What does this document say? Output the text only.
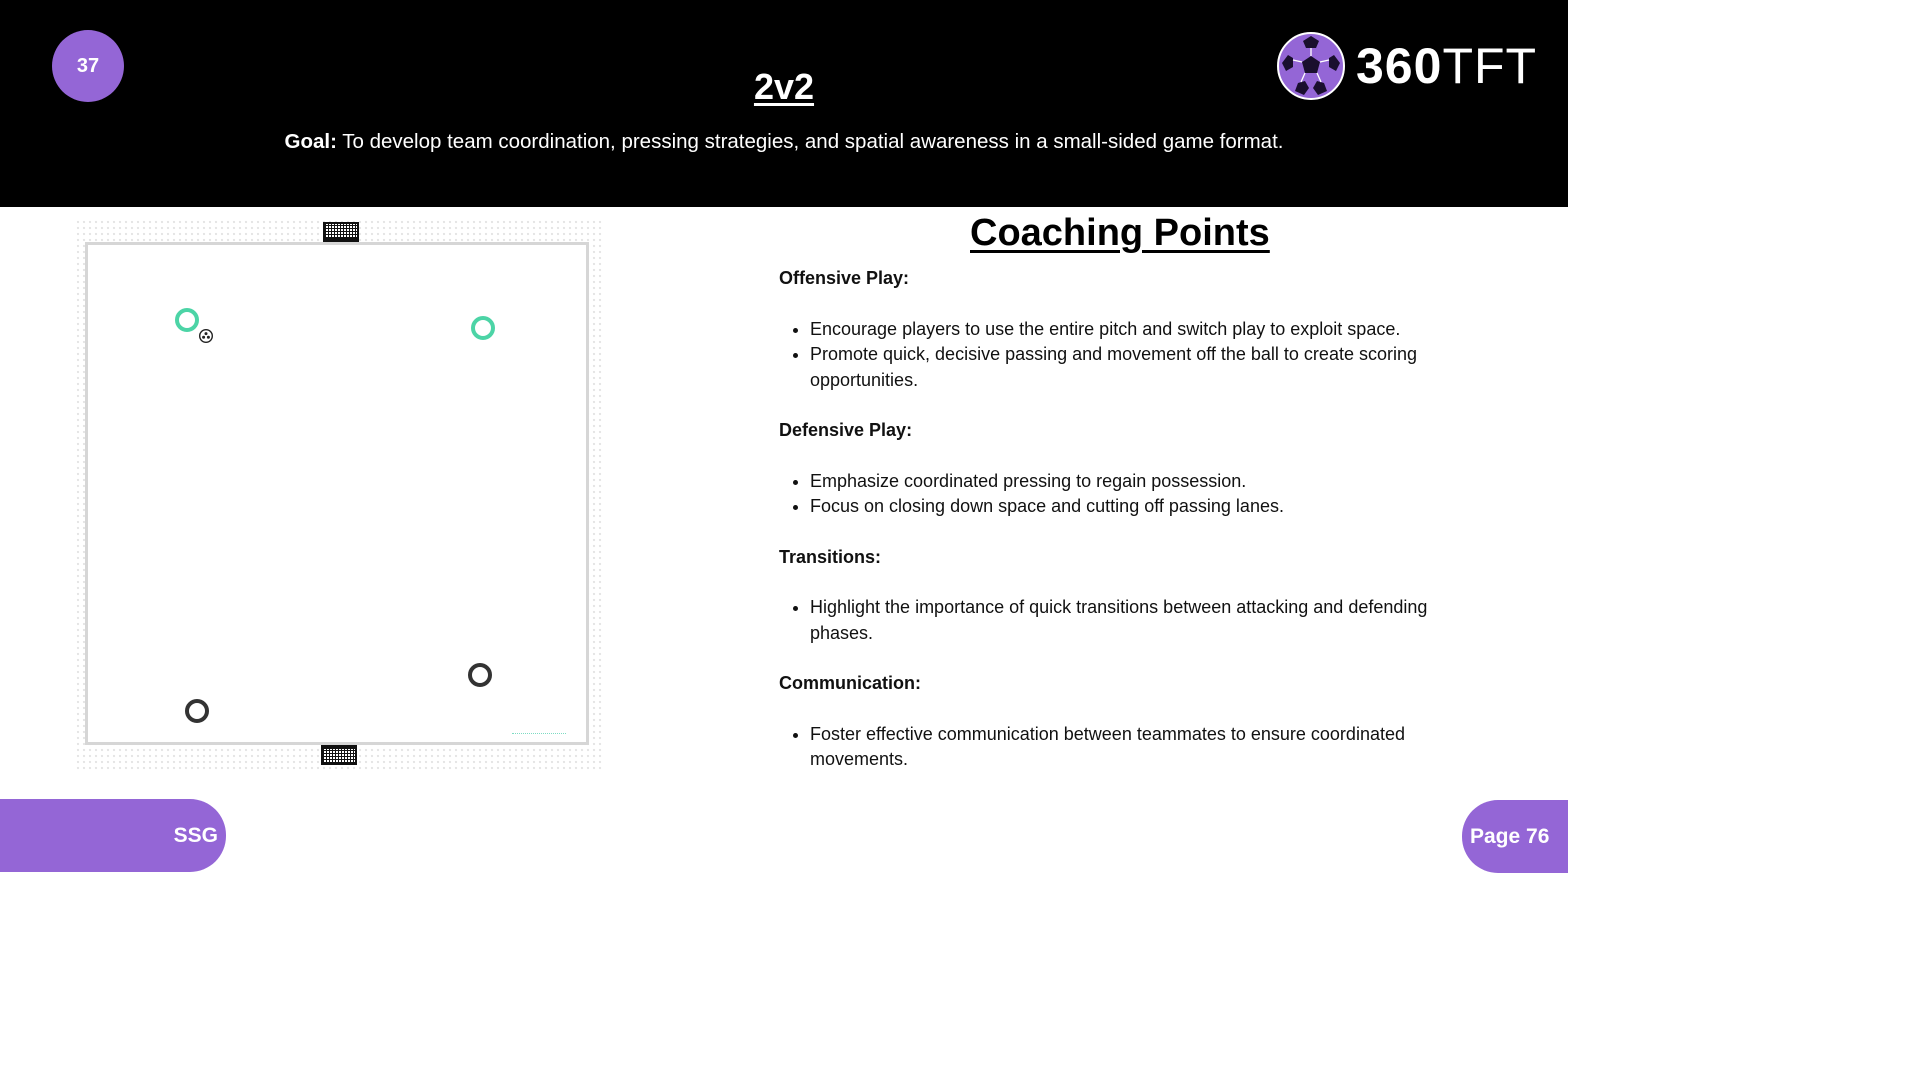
37
2v2
Goal: To develop team coordination, pressing strategies, and spatial awareness in a small-sided game format.
360TFT
Coaching Points

Offensive Play:

• Encourage players to use the entire pitch and switch play to exploit space.
• Promote quick, decisive passing and movement off the ball to create scoring opportunities.

Defensive Play:

• Emphasize coordinated pressing to regain possession.
• Focus on closing down space and cutting off passing lanes.

Transitions:

• Highlight the importance of quick transitions between attacking and defending phases.

Communication:

• Foster effective communication between teammates to ensure coordinated movements.
SSG	Page 76
